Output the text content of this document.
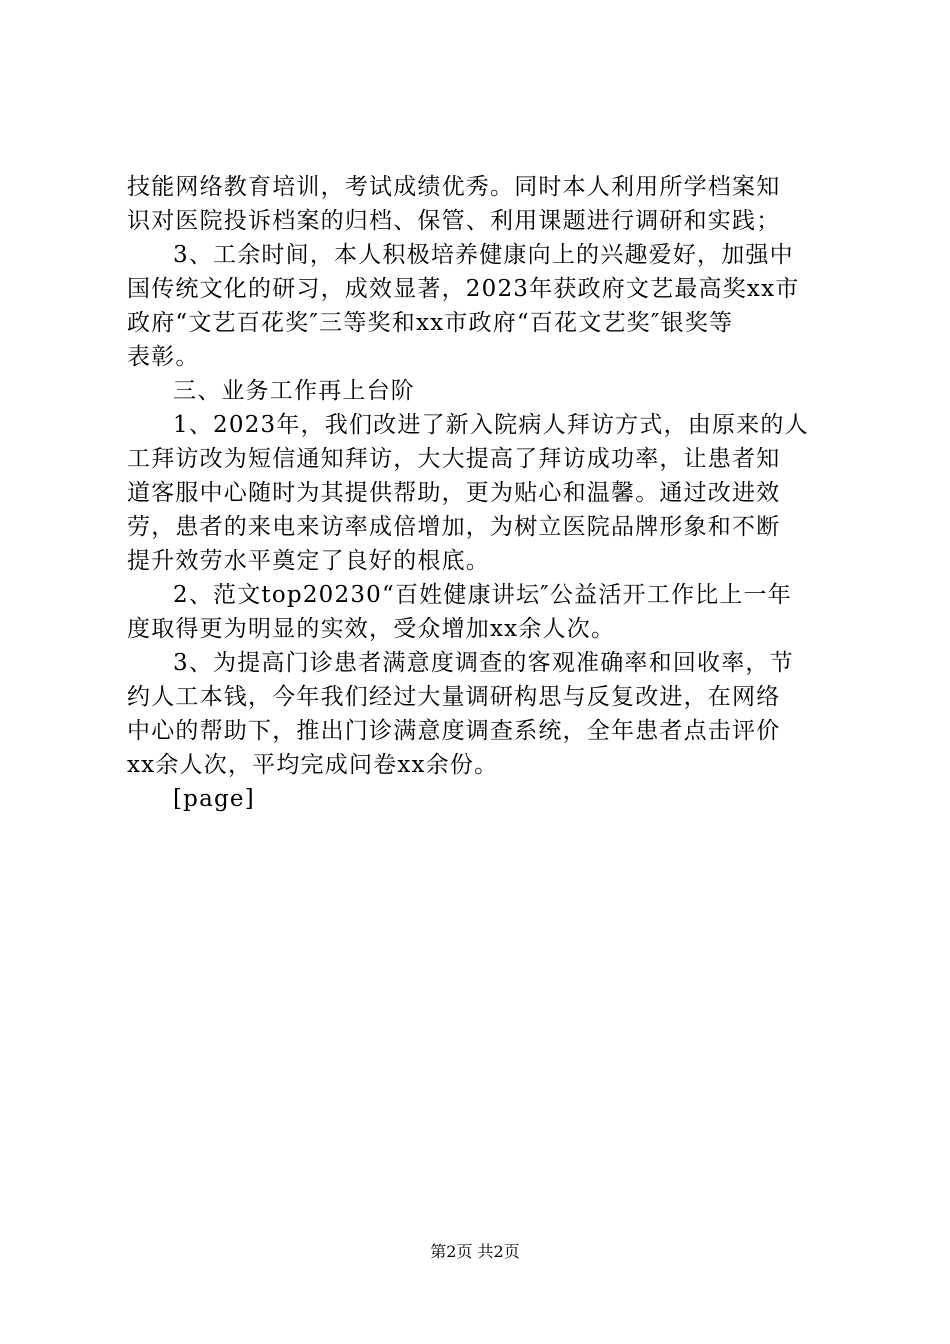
技能网络教育培训，考试成绩优秀。同时本人利用所学档案知
识对医院投诉档案的归档、保管、利用课题进行调研和实践；
3、工余时间，本人积极培养健康向上的兴趣爱好，加强中
国传统文化的研习，成效显著，2023年获政府文艺最高奖xx市
政府“文艺百花奖″三等奖和xx市政府“百花文艺奖″银奖等
表彰。
三、业务工作再上台阶
1、2023年，我们改进了新入院病人拜访方式，由原来的人
工拜访改为短信通知拜访，大大提高了拜访成功率，让患者知
道客服中心随时为其提供帮助，更为贴心和温馨。通过改进效
劳，患者的来电来访率成倍增加，为树立医院品牌形象和不断
提升效劳水平奠定了良好的根底。
2、范文top20230“百姓健康讲坛″公益活开工作比上一年
度取得更为明显的实效，受众增加xx余人次。
3、为提高门诊患者满意度调查的客观准确率和回收率，节
约人工本钱，今年我们经过大量调研构思与反复改进，在网络
中心的帮助下，推出门诊满意度调查系统，全年患者点击评价
xx余人次，平均完成问卷xx余份。
[page]
第2页 共2页
